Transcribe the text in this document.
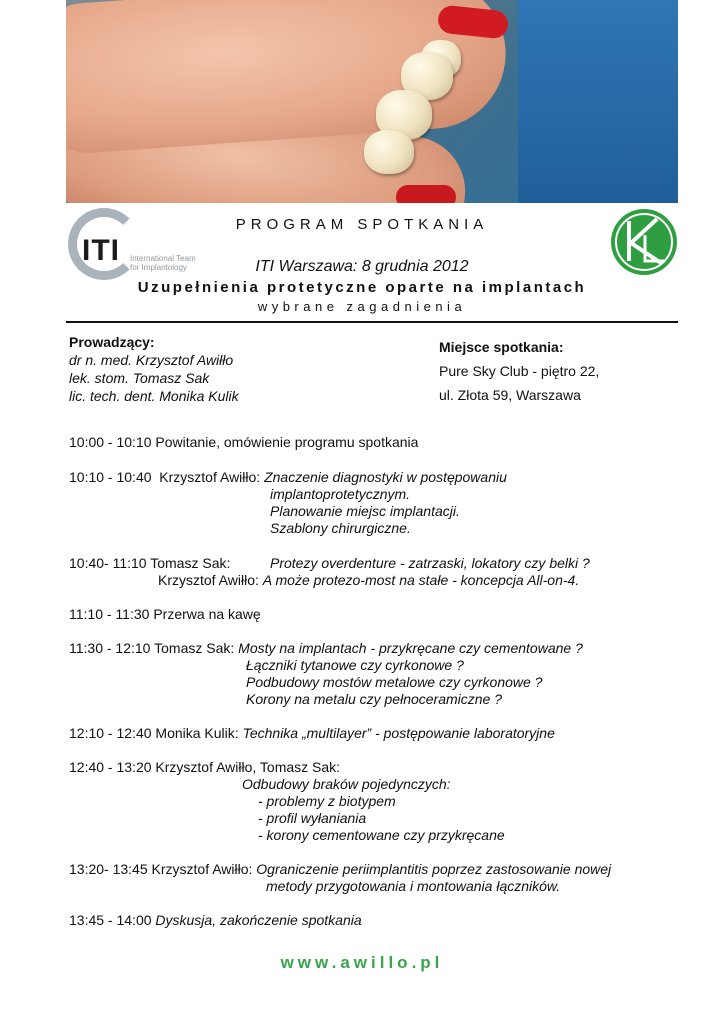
ITI International Team
for Implantology
PROGRAM SPOTKANIA
ITI Warszawa: 8 grudnia 2012
Uzupełnienia protetyczne oparte na implantach
wybrane zagadnienia
Prowadzący:
dr n. med. Krzysztof Awiłło
lek. stom. Tomasz Sak
lic. tech. dent. Monika Kulik
Miejsce spotkania:
Pure Sky Club - piętro 22,
ul. Złota 59, Warszawa
10:00 - 10:10 Powitanie, omówienie programu spotkania
10:10 - 10:40 Krzysztof Awiłło: Znaczenie diagnostyki w postępowaniu
implantoprotetycznym.
Planowanie miejsc implantacji.
Szablony chirurgiczne.
10:40- 11:10 Tomasz Sak:	Protezy overdenture - zatrzaski, lokatory czy belki ?
Krzysztof Awiłło: A może protezo-most na stałe - koncepcja All-on-4.
11:10 - 11:30 Przerwa na kawę
11:30 - 12:10 Tomasz Sak: Mosty na implantach - przykręcane czy cementowane ?
Łączniki tytanowe czy cyrkonowe ?
Podbudowy mostów metalowe czy cyrkonowe ?
Korony na metalu czy pełnoceramiczne ?
12:10 - 12:40 Monika Kulik: Technika „multilayer” - postępowanie laboratoryjne
12:40 - 13:20 Krzysztof Awiłło, Tomasz Sak:
Odbudowy braków pojedynczych:
- problemy z biotypem
- profil wyłaniania
- korony cementowane czy przykręcane
13:20- 13:45 Krzysztof Awiłło: Ograniczenie periimplantitis poprzez zastosowanie nowej
metody przygotowania i montowania łączników.
13:45 - 14:00 Dyskusja, zakończenie spotkania
www.awillo.pl
